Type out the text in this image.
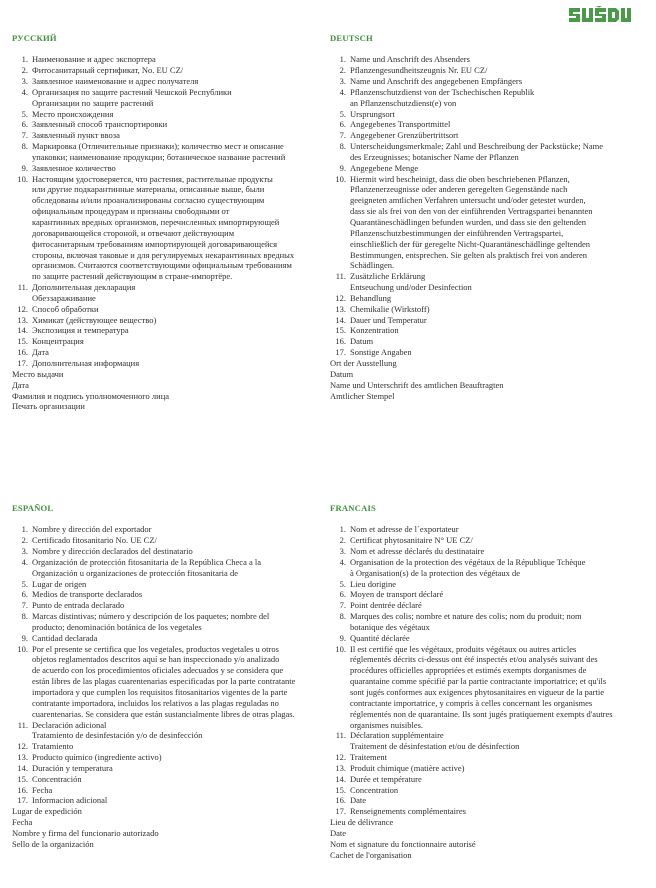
РУССКИЙ
1. Наименование и адрес экспортера
2. Фитосанитарный сертификат, No. EU CZ/
3. Заявленное наименование и адрес получателя
4. Организация по защите растений Чешской Республики
Организации по защите растений
5. Место происхождения
6. Заявленный способ транспортировки
7. Заявленный пункт ввоза
8. Маркировка (Отличительные признаки); количество мест и описание
упаковки; наименование продукции; ботаническое название растений
9. Заявленное количество
10. Настоящим удостоверяется, что растения, растительные продукты
или другие подкарантинные материалы, описанные выше, были
обследованы и/или проанализированы согласно существующим
официальным процедурам и признаны свободными от
карантинных вредных организмов, перечисленных импортирующей
договаривающейся стороной, и отвечают действующим
фитосанитарным требованиям импортирующей договаривающейся
стороны, включая таковые и для регулируемых некарантинных вредных
организмов. Считаются соответствующими официальным требованиям
по защите растений действующим в стране-импортёре.
11. Дополнительная декларация
Обеззараживание
12. Способ обработки
13. Химикат (действующее вещество)
14. Экспозиция и температура
15. Концентрация
16. Дата
17. Дополнительная информация
Место выдачи
Дата
Фамилия и подпись уполномоченного лица
Печать организации
DEUTSCH
1. Name und Anschrift des Absenders
2. Pflanzengesundheitszeugnis Nr. EU CZ/
3. Name und Anschrift des angegebenen Empfängers
4. Pflanzenschutzdienst von der Tschechischen Republik
an Pflanzenschutzdienst(e) von
5. Ursprungsort
6. Angegebenes Transportmittel
7. Angegebener Grenzübertrittsort
8. Unterscheidungsmerkmale; Zahl und Beschreibung der Packstücke; Name
des Erzeugnisses; botanischer Name der Pflanzen
9. Angegebene Menge
10. Hiermit wird bescheinigt, dass die oben beschriebenen Pflanzen,
Pflanzenerzeugnisse oder anderen geregelten Gegenstände nach
geeigneten amtlichen Verfahren untersucht und/oder getestet wurden,
dass sie als frei von den von der einführenden Vertragspartei benannten
Quarantäneschädlingen befunden wurden, und dass sie den geltenden
Pflanzenschutzbestimmungen der einführenden Vertragspartei,
einschließlich der für geregelte Nicht-Quarantäneschädlinge geltenden
Bestimmungen, entsprechen. Sie gelten als praktisch frei von anderen
Schädlingen.
11. Zusätzliche Erklärung
Entseuchung und/oder Desinfection
12. Behandlung
13. Chemikalie (Wirkstoff)
14. Dauer und Temperatur
15. Konzentration
16. Datum
17. Sonstige Angaben
Ort der Ausstellung
Datum
Name und Unterschrift des amtlichen Beauftragten
Amtlicher Stempel
ESPAÑOL
1. Nombre y dirección del exportador
2. Certificado fitosanitario No. UE CZ/
3. Nombre y dirección declarados del destinatario
4. Organización de protección fitosanitaria de la República Checa a la
Organización u organizaciones de protección fitosanitaria de
5. Lugar de origen
6. Medios de transporte declarados
7. Punto de entrada declarado
8. Marcas distintivas; número y descripción de los paquetes; nombre del
producto; denominación botánica de los vegetales
9. Cantidad declarada
10. Por el presente se certifica que los vegetales, productos vegetales u otros
objetos reglamentados descritos aquí se han inspeccionado y/o analizado
de acuerdo con los procedimientos oficiales adecuados y se considera que
están libres de las plagas cuarentenarias especificadas por la parte contratante
importadora y que cumplen los requisitos fitosanitarios vigentes de la parte
contratante importadora, incluidos los relativos a las plagas reguladas no
cuarentenarias. Se considera que están sustancialmente libres de otras plagas.
11. Declaración adicional
Tratamiento de desinfestación y/o de desinfección
12. Tratamiento
13. Producto químico (ingrediente activo)
14. Duración y temperatura
15. Concentración
16. Fecha
17. Informacion adicional
Lugar de expedición
Fecha
Nombre y firma del funcionario autorizado
Sello de la organización
FRANCAIS
1. Nom et adresse de l´exportateur
2. Certificat phytosanitaire N° UE CZ/
3. Nom et adresse déclarés du destinataire
4. Organisation de la protection des végétaux de la République Tchèque
à Organisation(s) de la protection des végétaux de
5. Lieu dorigine
6. Moyen de transport déclaré
7. Point dentrée déclaré
8. Marques des colis; nombre et nature des colis; nom du produit; nom
botanique des végétaux
9. Quantité déclarée
10. Il est certifié que les végétaux, produits végétaux ou autres articles
réglementés décrits ci-dessus ont été inspectés et/ou analysés suivant des
procédures officielles appropriées et estimés exempts dorganismes de
quarantaine comme spécifié par la partie contractante importatrice; et qu'ils
sont jugés conformes aux exigences phytosanitaires en vigueur de la partie
contractante importatrice, y compris à celles concernant les organismes
réglementés non de quarantaine. Ils sont jugés pratiquement exempts d'autres
organismes nuisibles.
11. Déclaration supplémentaire
Traitement de désinfestation et/ou de désinfection
12. Traitement
13. Produit chimique (matière active)
14. Durée et température
15. Concentration
16. Date
17. Renseignements complémentaires
Lieu de délivrance
Date
Nom et signature du fonctionnaire autorisé
Cachet de l'organisation
